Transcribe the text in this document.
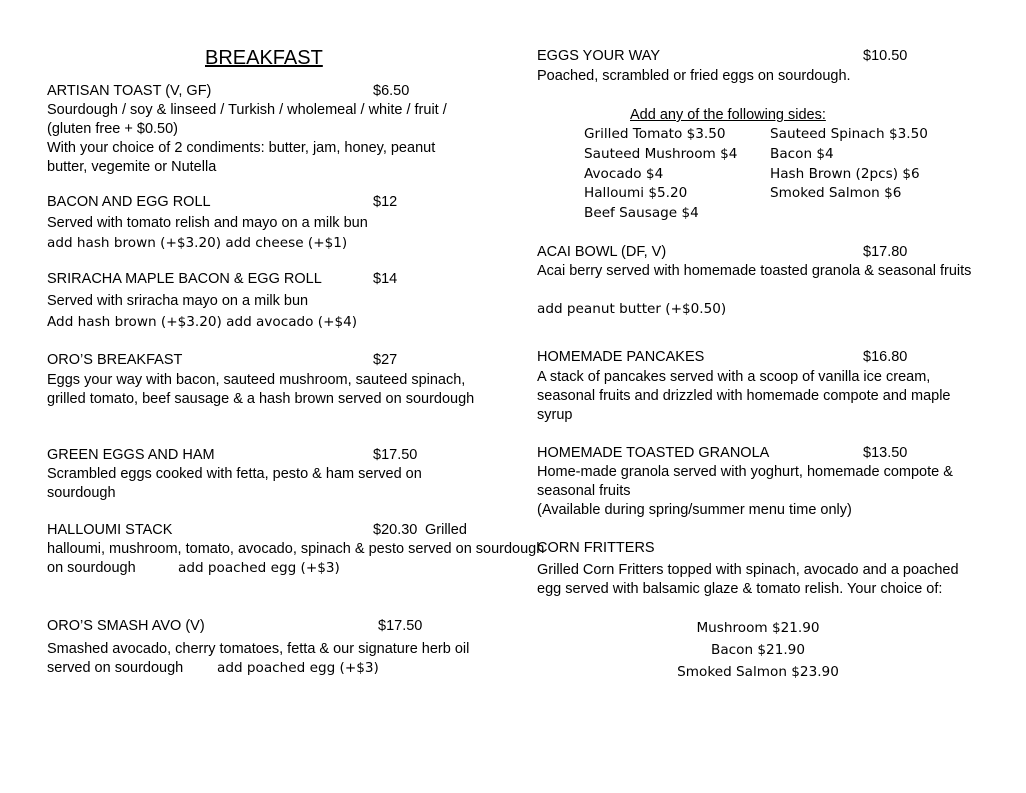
BREAKFAST
ARTISAN TOAST (V, GF)	$6.50
Sourdough / soy & linseed / Turkish / wholemeal / white / fruit / (gluten free + $0.50)
With your choice of 2 condiments: butter, jam, honey, peanut butter, vegemite or Nutella
BACON AND EGG ROLL	$12
Served with tomato relish and mayo on a milk bun
add hash brown (+$3.20) add cheese (+$1)
SRIRACHA MAPLE BACON & EGG ROLL	$14
Served with sriracha mayo on a milk bun
Add hash brown (+$3.20) add avocado (+$4)
ORO’S BREAKFAST	$27
Eggs your way with bacon, sauteed mushroom, sauteed spinach, grilled tomato, beef sausage & a hash brown served on sourdough
GREEN EGGS AND HAM	$17.50
Scrambled eggs cooked with fetta, pesto & ham served on sourdough
HALLOUMI STACK	$20.30 Grilled
halloumi, mushroom, tomato, avocado, spinach & pesto served on sourdough
on sourdough	add poached egg (+$3)
ORO’S SMASH AVO (V)	$17.50
Smashed avocado, cherry tomatoes, fetta & our signature herb oil served on sourdough	add poached egg (+$3)
EGGS YOUR WAY	$10.50
Poached, scrambled or fried eggs on sourdough.
Add any of the following sides:
Grilled Tomato $3.50	Sauteed Spinach $3.50
Sauteed Mushroom $4 Bacon $4
Avocado $4	Hash Brown (2pcs) $6
Halloumi $5.20	Smoked Salmon $6
Beef Sausage $4
ACAI BOWL (DF, V)	$17.80
Acai berry served with homemade toasted granola & seasonal fruits
add peanut butter (+$0.50)
HOMEMADE PANCAKES	$16.80
A stack of pancakes served with a scoop of vanilla ice cream, seasonal fruits and drizzled with homemade compote and maple syrup
HOMEMADE TOASTED GRANOLA	$13.50
Home-made granola served with yoghurt, homemade compote & seasonal fruits
(Available during spring/summer menu time only)
CORN FRITTERS
Grilled Corn Fritters topped with spinach, avocado and a poached egg served with balsamic glaze & tomato relish. Your choice of:
Mushroom $21.90
Bacon $21.90
Smoked Salmon $23.90
